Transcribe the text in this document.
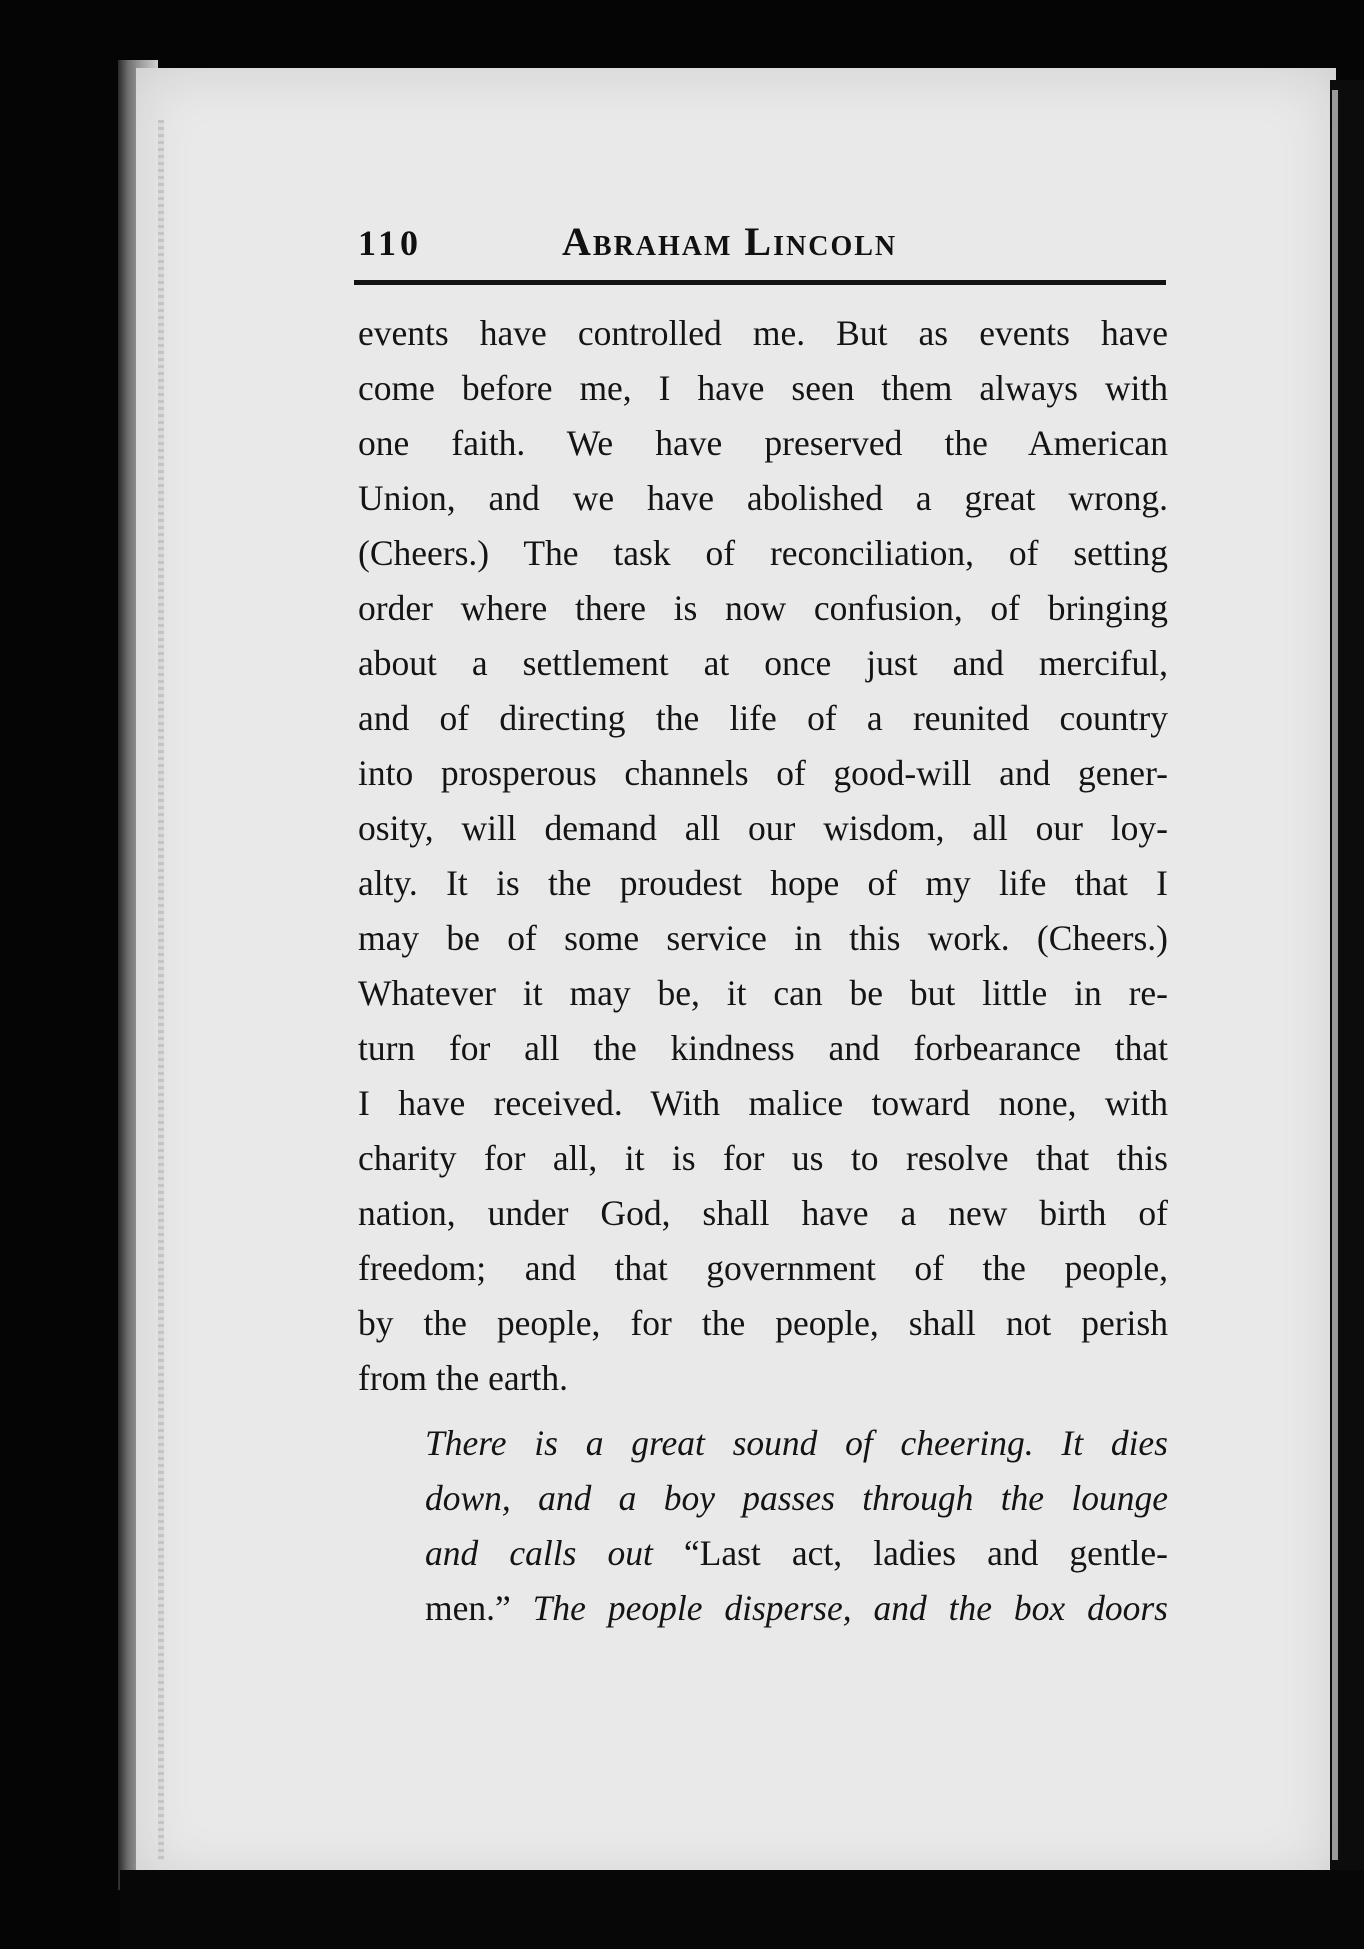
110	Abraham Lincoln
events have controlled me. But as events have
come before me, I have seen them always with
one faith. We have preserved the American
Union, and we have abolished a great wrong.
(Cheers.) The task of reconciliation, of setting
order where there is now confusion, of bringing
about a settlement at once just and merciful,
and of directing the life of a reunited country
into prosperous channels of good-will and gener-
osity, will demand all our wisdom, all our loy-
alty. It is the proudest hope of my life that I
may be of some service in this work. (Cheers.)
Whatever it may be, it can be but little in re-
turn for all the kindness and forbearance that
I have received. With malice toward none, with
charity for all, it is for us to resolve that this
nation, under God, shall have a new birth of
freedom; and that government of the people,
by the people, for the people, shall not perish
from the earth.
There is a great sound of cheering. It dies
down, and a boy passes through the lounge
and calls out “Last act, ladies and gentle-
men.” The people disperse, and the box doors
